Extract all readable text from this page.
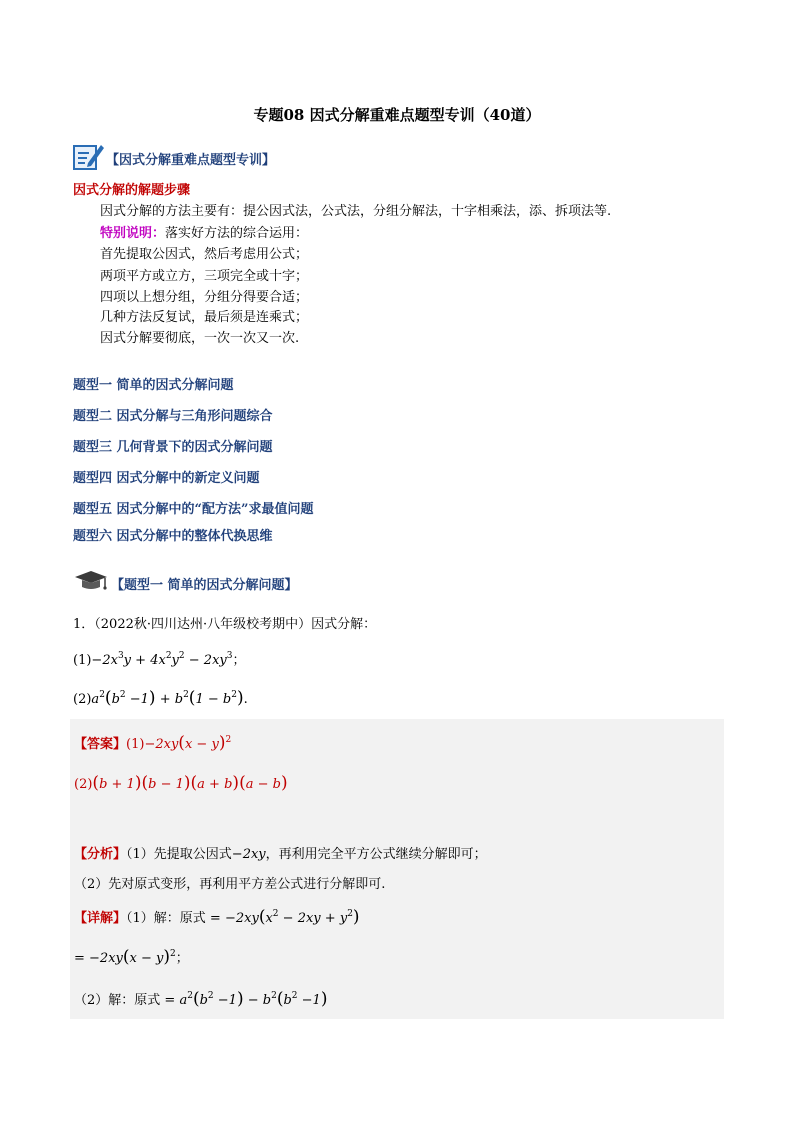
专题08 因式分解重难点题型专训（40道）
【因式分解重难点题型专训】
因式分解的解题步骤
因式分解的方法主要有：提公因式法，公式法，分组分解法，十字相乘法，添、拆项法等.
特别说明：落实好方法的综合运用：
首先提取公因式，然后考虑用公式；
两项平方或立方，三项完全或十字；
四项以上想分组，分组分得要合适；
几种方法反复试，最后须是连乘式；
因式分解要彻底，一次一次又一次.
题型一 简单的因式分解问题
题型二 因式分解与三角形问题综合
题型三 几何背景下的因式分解问题
题型四 因式分解中的新定义问题
题型五 因式分解中的“配方法”求最值问题
题型六 因式分解中的整体代换思维
【题型一 简单的因式分解问题】
1．（2022秋·四川达州·八年级校考期中）因式分解：
$(1)-2x^3y + 4x^2y^2 - 2xy^3$；
$(2)a^2(b^2 -1) + b^2(1 - b^2)$.
【答案】$(1)-2xy(x - y)^2$
(2)(b + 1)(b − 1)(a + b)(a − b)
【分析】（1）先提取公因式−2xy，再利用完全平方公式继续分解即可；
（2）先对原式变形，再利用平方差公式进行分解即可.
【详解】（1）解：原式 = $-2xy(x^2 - 2xy + y^2)$
= $-2xy(x - y)^2$；
（2）解：原式 = $a^2(b^2 -1) - b^2(b^2 -1)$
